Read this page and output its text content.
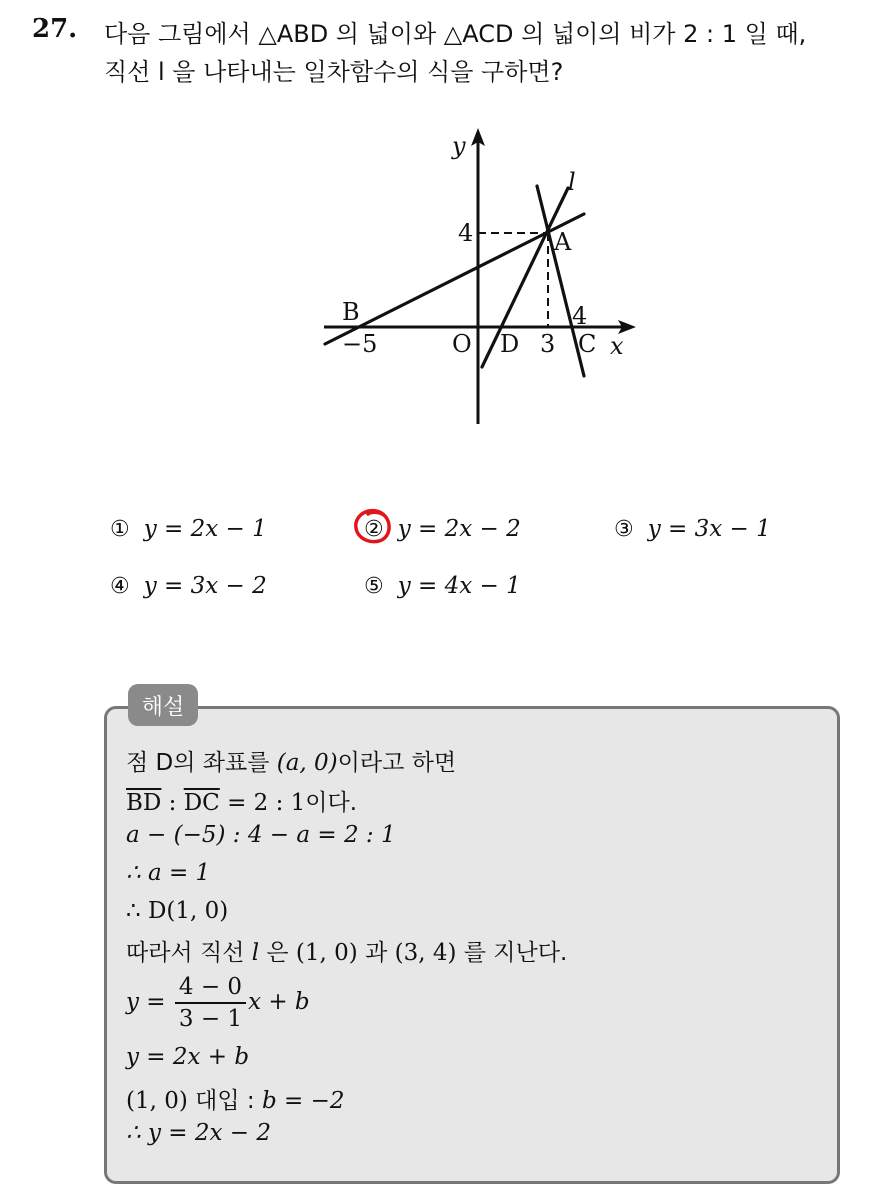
27. 다음 그림에서 △ABD 의 넓이와 △ACD 의 넓이의 비가 2 : 1 일 때,
직선 l 을 나타내는 일차함수의 식을 구하면?
y
x
l
4	A
B
−5	O D 3
4
C
① y = 2x − 1	② y = 2x − 2	③ y = 3x − 1
④ y = 3x − 2	⑤ y = 4x − 1
해설
점 D의 좌표를 (a, 0)이라고 하면
$\overline{BD}$ : $\overline{DC} = 2$ : 1이다.
a − (−5) : 4 − a = 2 : 1
∴ a = 1
∴ D(1, 0)
따라서 직선 l 은 (1, 0) 과 (3, 4) 를 지난다.
$y = \frac{4 - 0}{3 - 1}$ x + b
y = 2x + b
(1, 0) 대입 : b = −2
∴ y = 2x − 2
